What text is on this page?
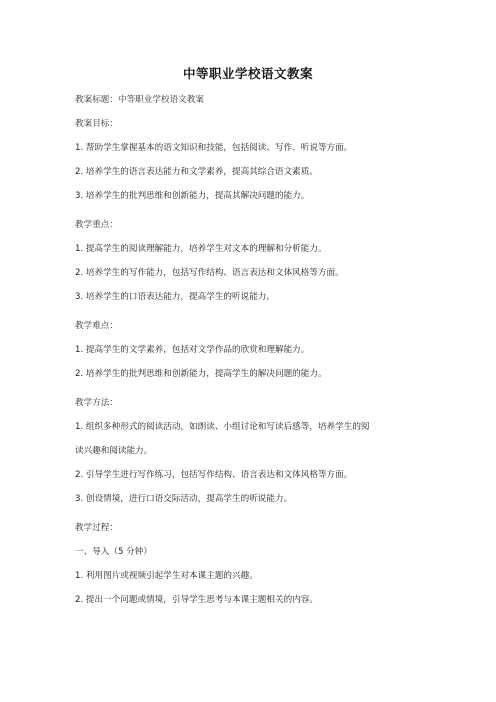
中等职业学校语文教案
教案标题：中等职业学校语文教案
教案目标：
1. 帮助学生掌握基本的语文知识和技能，包括阅读、写作、听说等方面。
2. 培养学生的语言表达能力和文学素养，提高其综合语文素质。
3. 培养学生的批判思维和创新能力，提高其解决问题的能力。
教学重点：
1. 提高学生的阅读理解能力，培养学生对文本的理解和分析能力。
2. 培养学生的写作能力，包括写作结构、语言表达和文体风格等方面。
3. 培养学生的口语表达能力，提高学生的听说能力。
教学难点：
1. 提高学生的文学素养，包括对文学作品的欣赏和理解能力。
2. 培养学生的批判思维和创新能力，提高学生的解决问题的能力。
教学方法：
1. 组织多种形式的阅读活动，如朗读、小组讨论和写读后感等，培养学生的阅
读兴趣和阅读能力。
2. 引导学生进行写作练习，包括写作结构、语言表达和文体风格等方面。
3. 创设情境，进行口语交际活动，提高学生的听说能力。
教学过程：
一、导入（5 分钟）
1. 利用图片或视频引起学生对本课主题的兴趣。
2. 提出一个问题或情境，引导学生思考与本课主题相关的内容。
